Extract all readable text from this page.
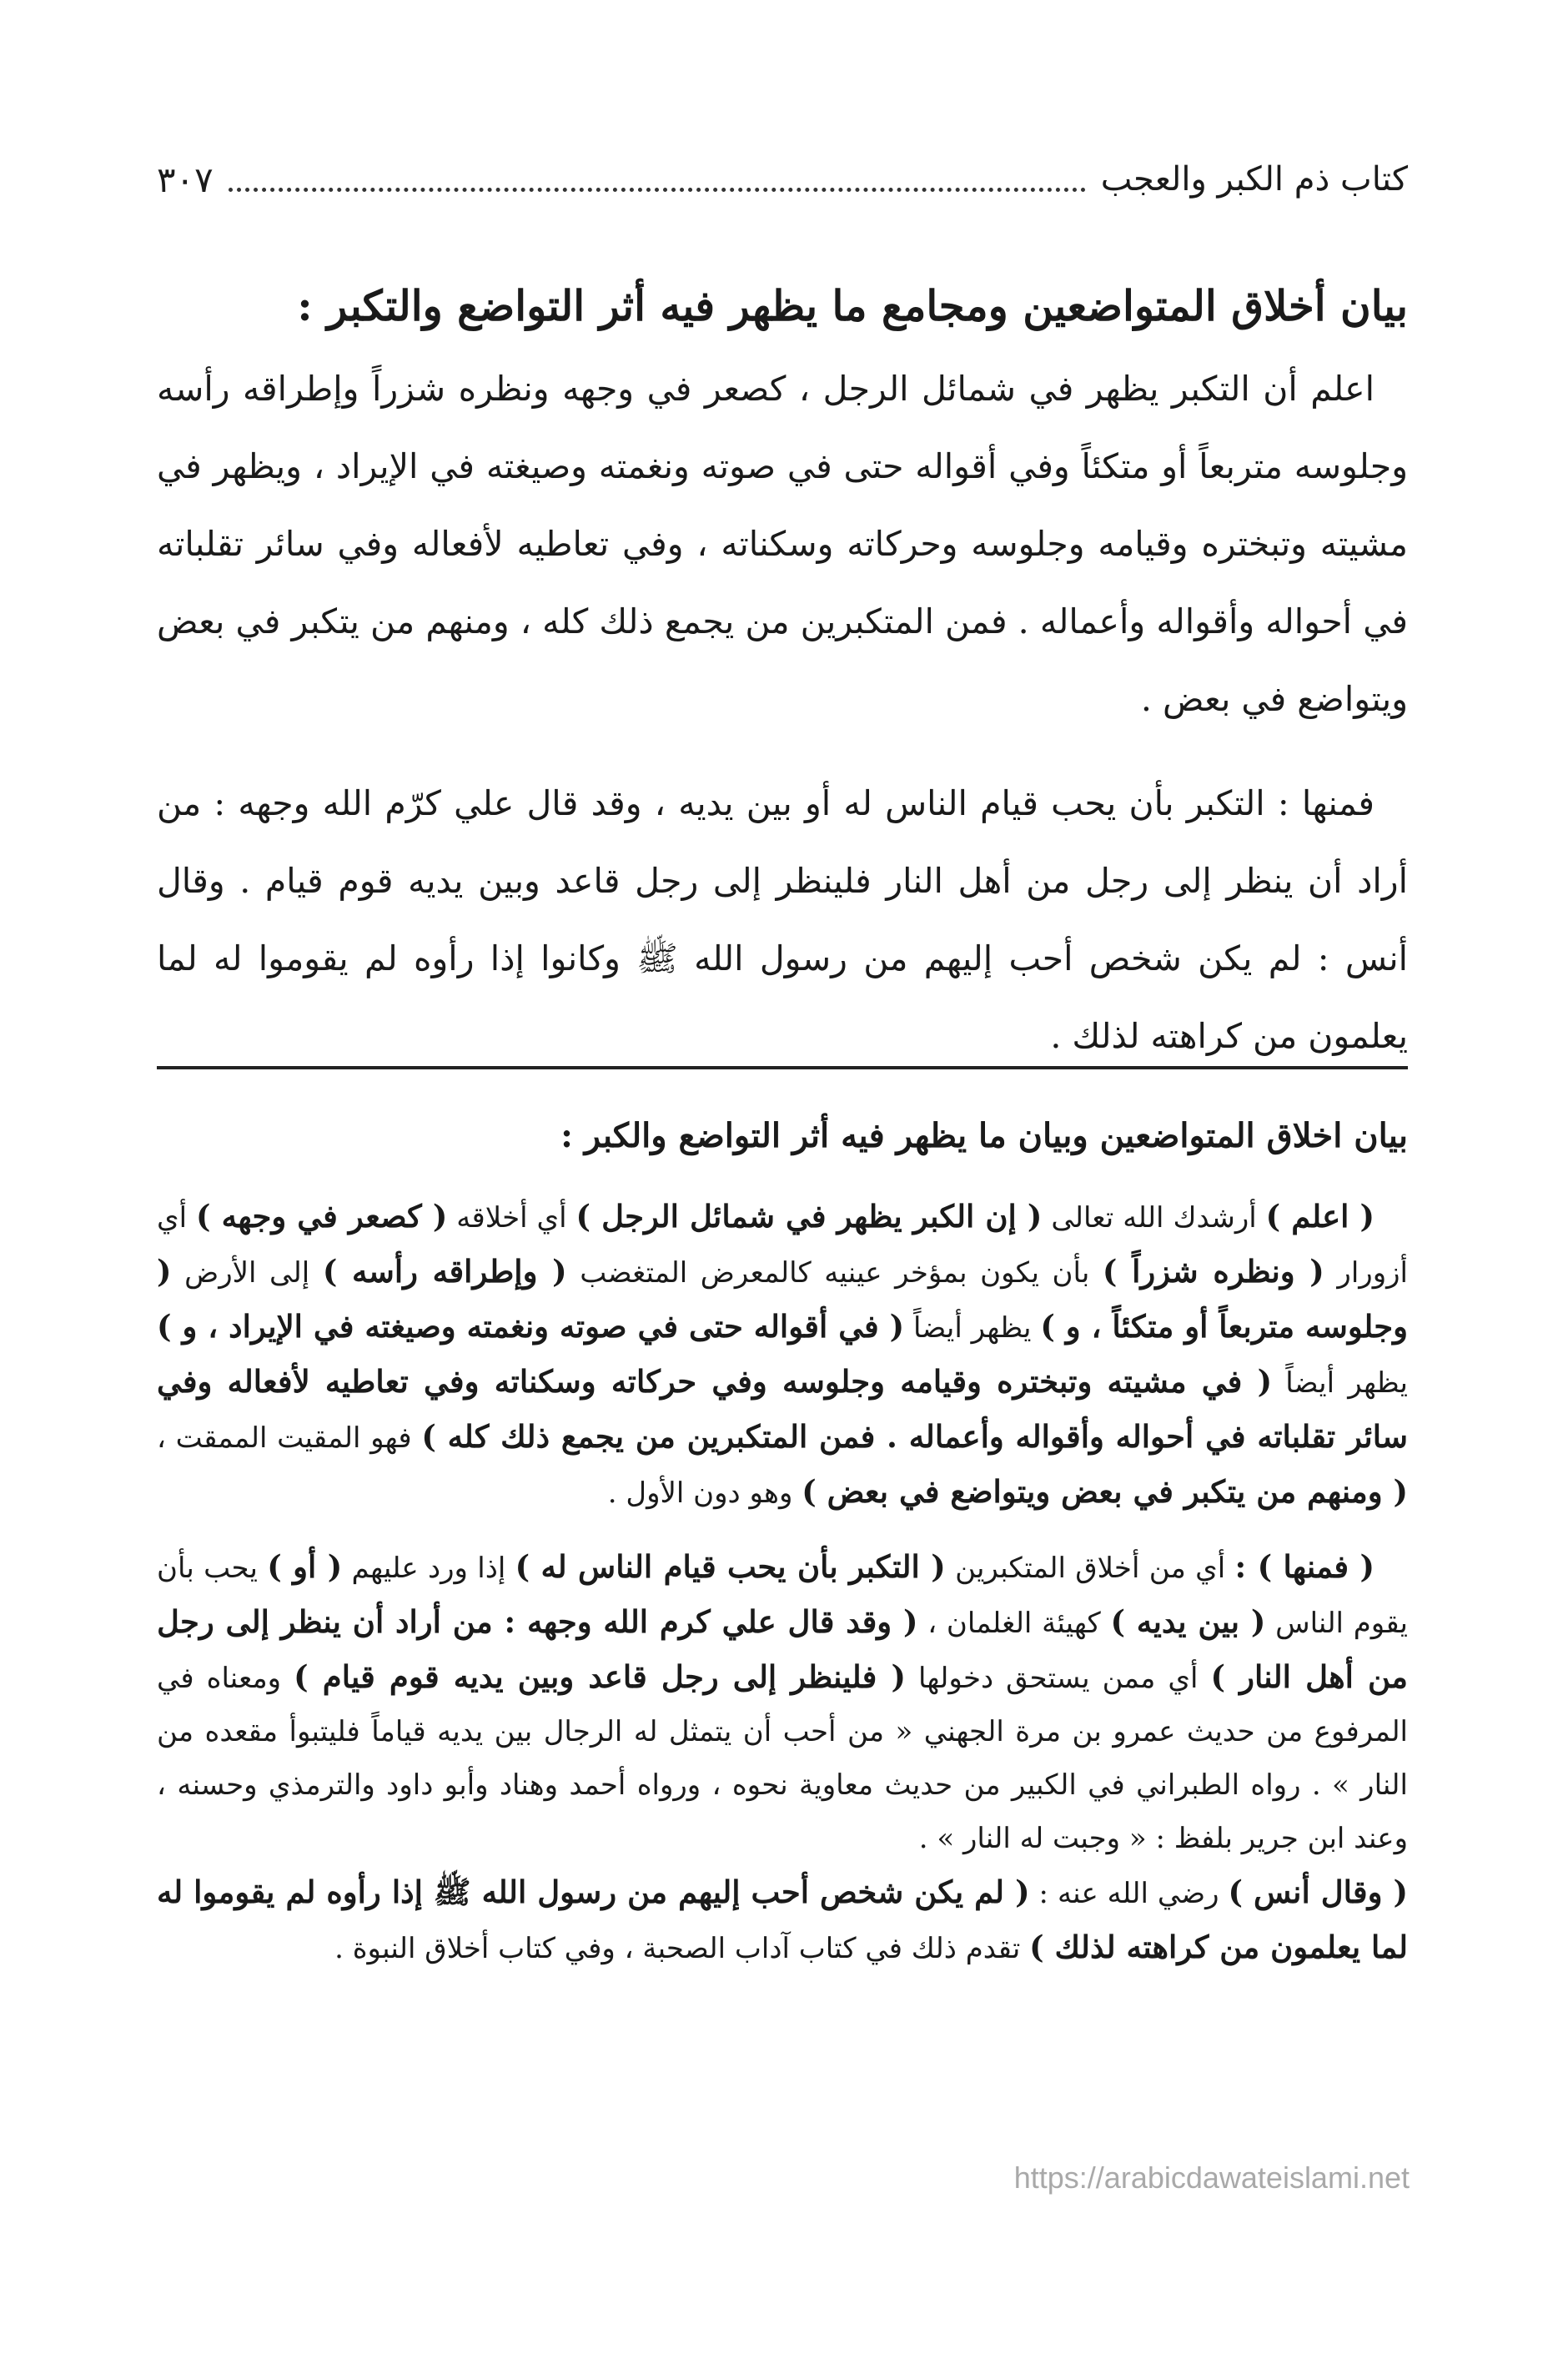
كتاب ذم الكبر والعجب
٣٠٧
بيان أخلاق المتواضعين ومجامع ما يظهر فيه أثر التواضع والتكبر :

اعلم أن التكبر يظهر في شمائل الرجل ، كصعر في وجهه ونظره شزراً وإطراقه رأسه وجلوسه متربعاً أو متكئاً وفي أقواله حتى في صوته ونغمته وصيغته في الإيراد ، ويظهر في مشيته وتبختره وقيامه وجلوسه وحركاته وسكناته ، وفي تعاطيه لأفعاله وفي سائر تقلباته في أحواله وأقواله وأعماله . فمن المتكبرين من يجمع ذلك كله ، ومنهم من يتكبر في بعض ويتواضع في بعض .

فمنها : التكبر بأن يحب قيام الناس له أو بين يديه ، وقد قال علي كرّم الله وجهه : من أراد أن ينظر إلى رجل من أهل النار فلينظر إلى رجل قاعد وبين يديه قوم قيام . وقال أنس : لم يكن شخص أحب إليهم من رسول الله ﷺ وكانوا إذا رأوه لم يقوموا له لما يعلمون من كراهته لذلك .

بيان اخلاق المتواضعين وبيان ما يظهر فيه أثر التواضع والكبر :

( اعلم ) أرشدك الله تعالى ( إن الكبر يظهر في شمائل الرجل ) أي أخلاقه ( كصعر في وجهه ) أي أزورار ( ونظره شزراً ) بأن يكون بمؤخر عينيه كالمعرض المتغضب ( وإطراقه رأسه ) إلى الأرض ( وجلوسه متربعاً أو متكئاً ، و ) يظهر أيضاً ( في أقواله حتى في صوته ونغمته وصيغته في الإيراد ، و ) يظهر أيضاً ( في مشيته وتبختره وقيامه وجلوسه وفي حركاته وسكناته وفي تعاطيه لأفعاله وفي سائر تقلباته في أحواله وأقواله وأعماله . فمن المتكبرين من يجمع ذلك كله ) فهو المقيت الممقت ، ( ومنهم من يتكبر في بعض ويتواضع في بعض ) وهو دون الأول .

( فمنها ) : أي من أخلاق المتكبرين ( التكبر بأن يحب قيام الناس له ) إذا ورد عليهم ( أو ) يحب بأن يقوم الناس ( بين يديه ) كهيئة الغلمان ، ( وقد قال علي كرم الله وجهه : من أراد أن ينظر إلى رجل من أهل النار ) أي ممن يستحق دخولها ( فلينظر إلى رجل قاعد وبين يديه قوم قيام ) ومعناه في المرفوع من حديث عمرو بن مرة الجهني « من أحب أن يتمثل له الرجال بين يديه قياماً فليتبوأ مقعده من النار » . رواه الطبراني في الكبير من حديث معاوية نحوه ، ورواه أحمد وهناد وأبو داود والترمذي وحسنه ، وعند ابن جرير بلفظ : « وجبت له النار » .

( وقال أنس ) رضي الله عنه : ( لم يكن شخص أحب إليهم من رسول الله ﷺ إذا رأوه لم يقوموا له لما يعلمون من كراهته لذلك ) تقدم ذلك في كتاب آداب الصحبة ، وفي كتاب أخلاق النبوة .

https://arabicdawateislami.net
